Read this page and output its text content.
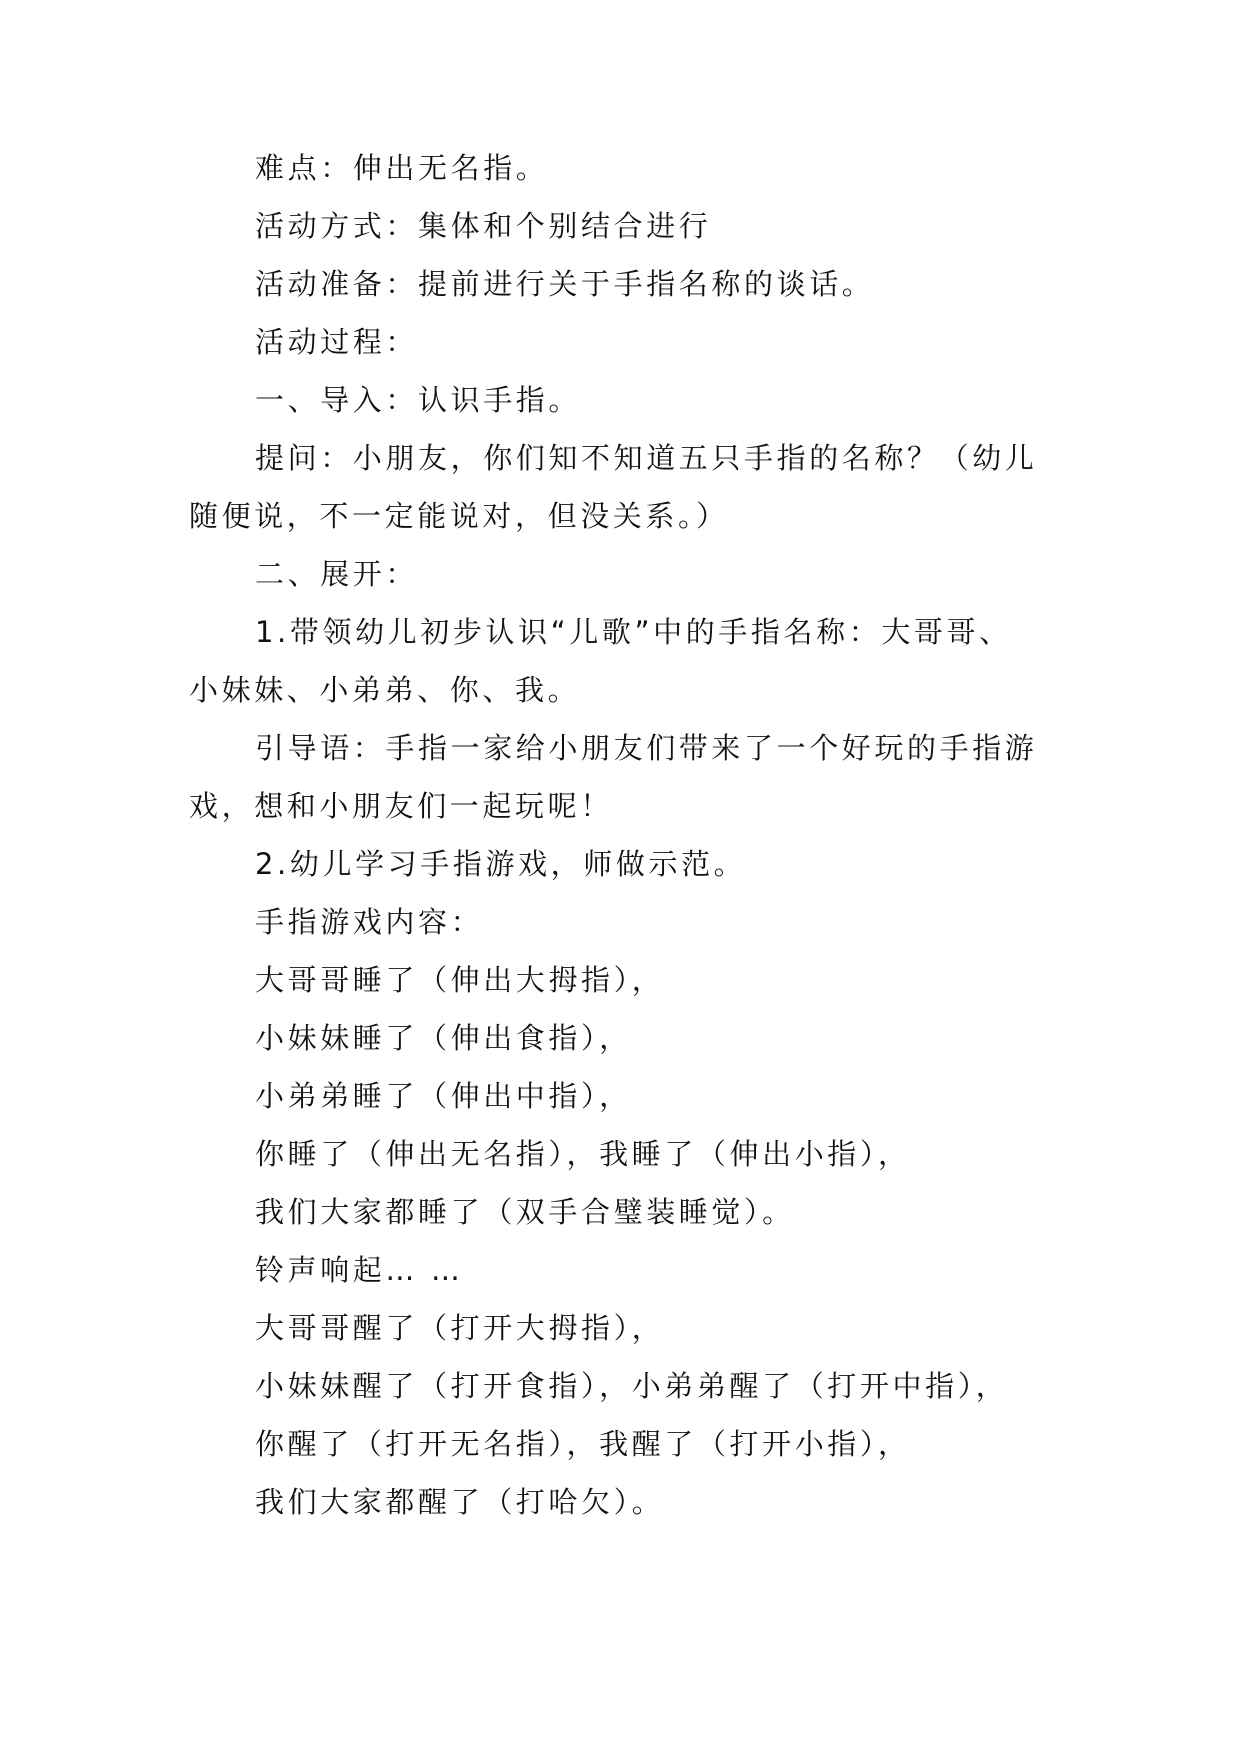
难点：伸出无名指。
活动方式：集体和个别结合进行
活动准备：提前进行关于手指名称的谈话。
活动过程：
一、导入：认识手指。
提问：小朋友，你们知不知道五只手指的名称？（幼儿
随便说，不一定能说对，但没关系。）
二、展开：
1.带领幼儿初步认识“儿歌”中的手指名称：大哥哥、
小妹妹、小弟弟、你、我。
引导语：手指一家给小朋友们带来了一个好玩的手指游
戏，想和小朋友们一起玩呢！
2.幼儿学习手指游戏，师做示范。
手指游戏内容：
大哥哥睡了（伸出大拇指），
小妹妹睡了（伸出食指），
小弟弟睡了（伸出中指），
你睡了（伸出无名指），我睡了（伸出小指），
我们大家都睡了（双手合璧装睡觉）。
铃声响起… …
大哥哥醒了（打开大拇指），
小妹妹醒了（打开食指），小弟弟醒了（打开中指），
你醒了（打开无名指），我醒了（打开小指），
我们大家都醒了（打哈欠）。
